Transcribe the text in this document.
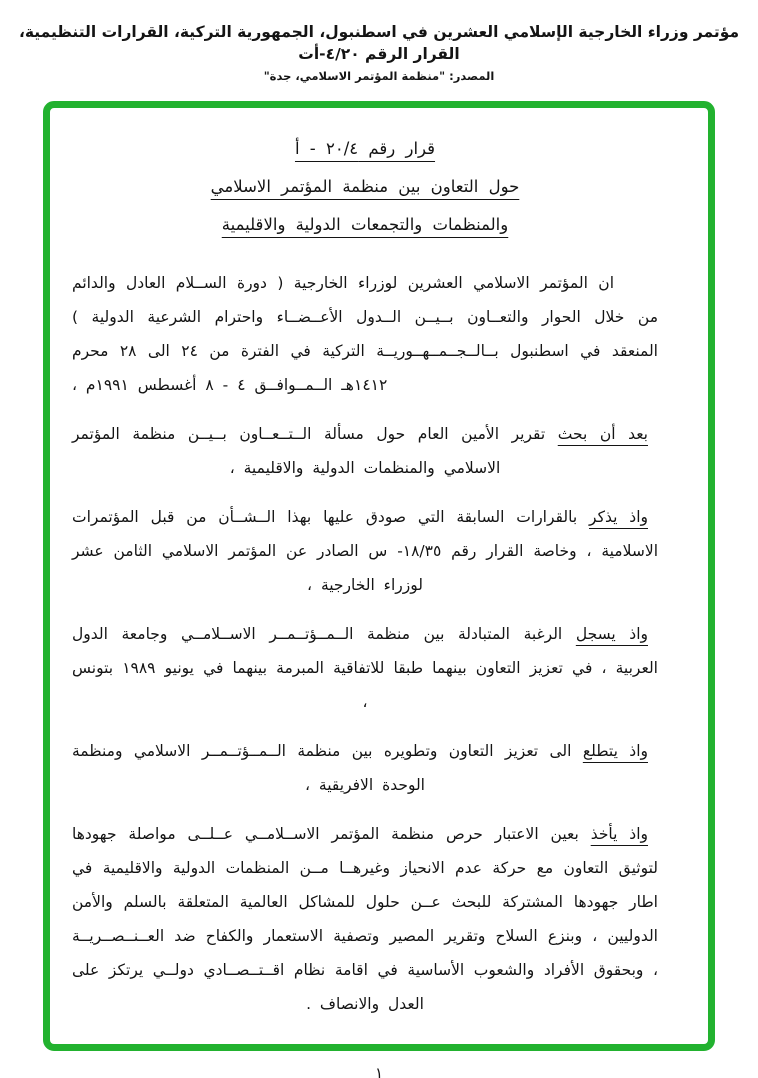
مؤتمر وزراء الخارجية الإسلامي العشرين في اسطنبول، الجمهورية التركية، القرارات التنظيمية، القرار الرقم ٤/٢٠-أت
المصدر: "منظمة المؤتمر الاسلامي، جدة"
قرار رقم ٢٠/٤ - أ
حول التعاون بين منظمة المؤتمر الاسلامي
والمنظمات والتجمعات الدولية والاقليمية
ان المؤتمر الاسلامي العشرين لوزراء الخارجية ( دورة الســلام العادل والدائم من خلال الحوار والتعــاون بــيــن الــدول الأعــضــاء واحترام الشرعية الدولية ) المنعقد في اسطنبول بــالــجــمــهــوريــة التركية في الفترة من ٢٤ الى ٢٨ محرم ١٤١٢هـ الــمــوافــق ٤ - ٨ أغسطس ١٩٩١م ،
بعد أن بحث تقرير الأمين العام حول مسألة الــتــعــاون بــيــن منظمة المؤتمر الاسلامي والمنظمات الدولية والاقليمية ،
واذ يذكر بالقرارات السابقة التي صودق عليها بهذا الــشــأن من قبل المؤتمرات الاسلامية ، وخاصة القرار رقم ١٨/٣٥- س الصادر عن المؤتمر الاسلامي الثامن عشر لوزراء الخارجية ،
واذ يسجل الرغبة المتبادلة بين منظمة الــمــؤتــمــر الاســلامــي وجامعة الدول العربية ، في تعزيز التعاون بينهما طبقا للاتفاقية المبرمة بينهما في يونيو ١٩٨٩ بتونس ،
واذ يتطلع الى تعزيز التعاون وتطويره بين منظمة الــمــؤتــمــر الاسلامي ومنظمة الوحدة الافريقية ،
واذ يأخذ بعين الاعتبار حرص منظمة المؤتمر الاســلامــي عــلــى مواصلة جهودها لتوثيق التعاون مع حركة عدم الانحياز وغيرهــا مــن المنظمات الدولية والاقليمية في اطار جهودها المشتركة للبحث عــن حلول للمشاكل العالمية المتعلقة بالسلم والأمن الدوليين ، وبنزع السلاح وتقرير المصير وتصفية الاستعمار والكفاح ضد العــنــصــريــة ، وبحقوق الأفراد والشعوب الأساسية في اقامة نظام اقــتــصــادي دولــي يرتكز على العدل والانصاف .
١
